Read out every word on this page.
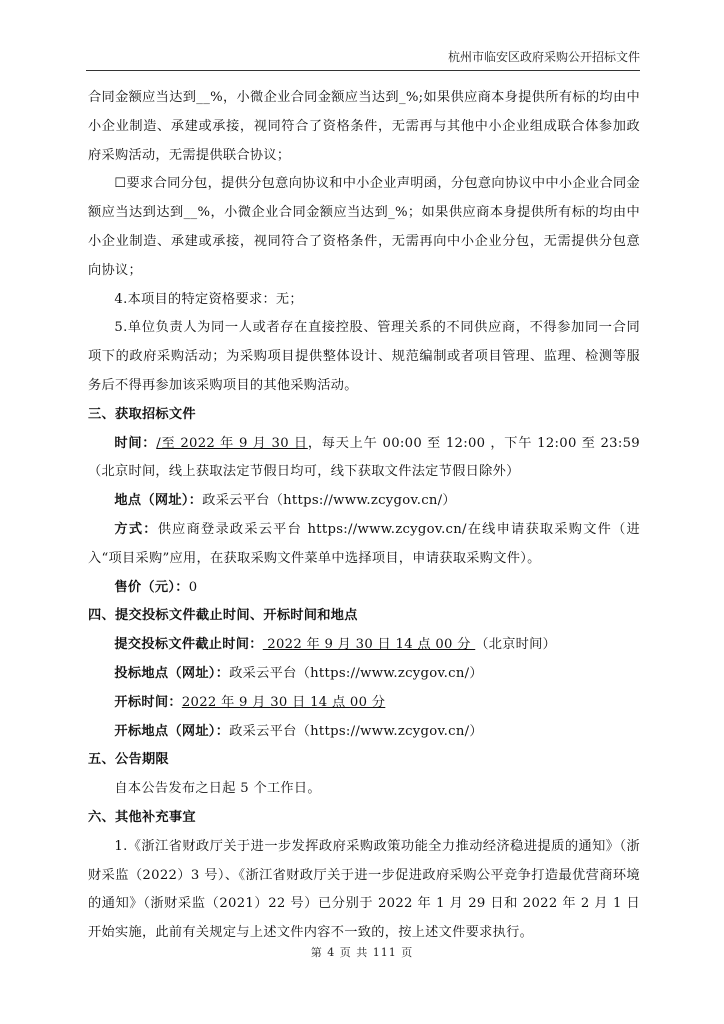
杭州市临安区政府采购公开招标文件

合同金额应当达到__%，小微企业合同金额应当达到_%;如果供应商本身提供所有标的均由中小企业制造、承建或承接，视同符合了资格条件，无需再与其他中小企业组成联合体参加政府采购活动，无需提供联合协议；

☐要求合同分包，提供分包意向协议和中小企业声明函，分包意向协议中中小企业合同金额应当达到达到__%，小微企业合同金额应当达到_%；如果供应商本身提供所有标的均由中小企业制造、承建或承接，视同符合了资格条件，无需再向中小企业分包，无需提供分包意向协议；

4.本项目的特定资格要求：无；

5.单位负责人为同一人或者存在直接控股、管理关系的不同供应商，不得参加同一合同项下的政府采购活动；为采购项目提供整体设计、规范编制或者项目管理、监理、检测等服务后不得再参加该采购项目的其他采购活动。

三、获取招标文件

时间：/至 2022 年 9 月 30 日，每天上午 00:00 至 12:00 ，下午 12:00 至 23:59（北京时间，线上获取法定节假日均可，线下获取文件法定节假日除外）

地点（网址）：政采云平台（https://www.zcygov.cn/）

方式：供应商登录政采云平台 https://www.zcygov.cn/在线申请获取采购文件（进入“项目采购”应用，在获取采购文件菜单中选择项目，申请获取采购文件）。

售价（元）：0

四、提交投标文件截止时间、开标时间和地点

提交投标文件截止时间： 2022 年 9 月 30 日 14 点 00 分 （北京时间）

投标地点（网址）：政采云平台（https://www.zcygov.cn/）

开标时间：2022 年 9 月 30 日 14 点 00 分

开标地点（网址）：政采云平台（https://www.zcygov.cn/）

五、公告期限

自本公告发布之日起 5 个工作日。

六、其他补充事宜

1.《浙江省财政厅关于进一步发挥政府采购政策功能全力推动经济稳进提质的通知》（浙财采监（2022）3 号）、《浙江省财政厅关于进一步促进政府采购公平竞争打造最优营商环境的通知》（浙财采监（2021）22 号）已分别于 2022 年 1 月 29 日和 2022 年 2 月 1 日开始实施，此前有关规定与上述文件内容不一致的，按上述文件要求执行。

第 4 页 共 111 页
